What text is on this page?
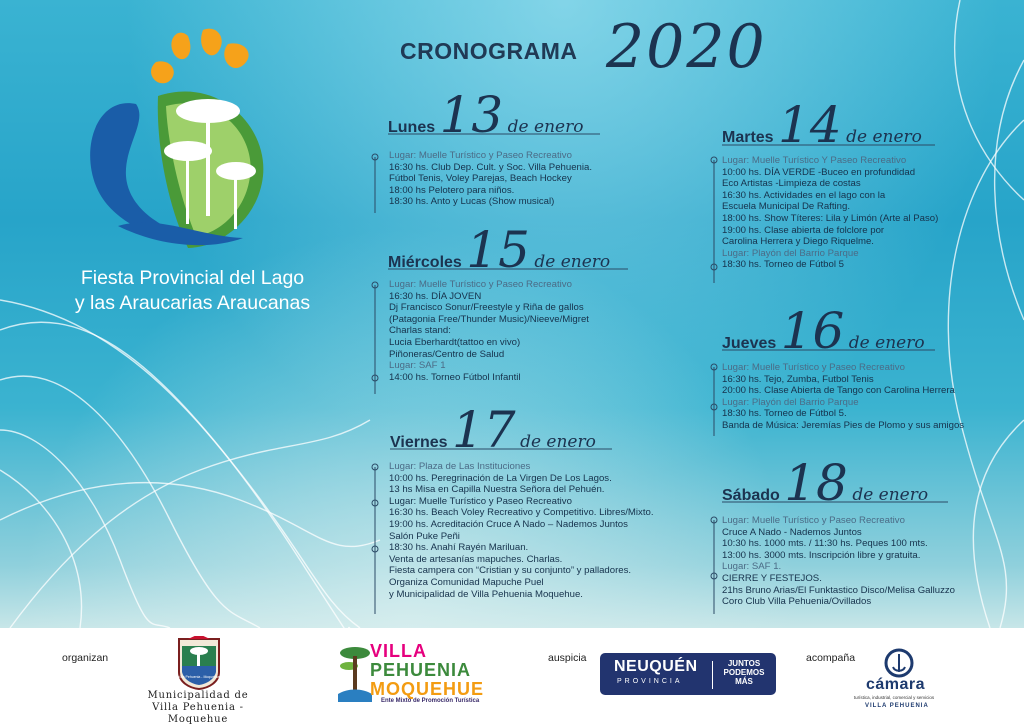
CRONOGRAMA 2020
Fiesta Provincial del Lago
y las Araucarias Araucanas
Lunes 13 de enero
Lugar: Muelle Turístico y Paseo Recreativo
16:30 hs. Club Dep. Cult. y Soc. Villa Pehuenia.
Fútbol Tenis, Voley Parejas, Beach Hockey
18:00 hs Pelotero para niños.
18:30 hs. Anto y Lucas (Show musical)
Miércoles 15 de enero
Lugar: Muelle Turístico y Paseo Recreativo
16:30 hs. DÍA JOVEN
Dj Francisco Sonur/Freestyle y Riña de gallos
(Patagonia Free/Thunder Music)/Nieeve/Migret
Charlas stand:
Lucia Eberhardt(tattoo en vivo)
Piñoneras/Centro de Salud
Lugar: SAF 1
14:00 hs. Torneo Fútbol Infantil
Viernes 17 de enero
Lugar: Plaza de Las Instituciones
10:00 hs. Peregrinación de La Virgen De Los Lagos.
13 hs Misa en Capilla Nuestra Señora del Pehuén.
Lugar: Muelle Turístico y Paseo Recreativo
16:30 hs. Beach Voley Recreativo y Competitivo. Libres/Mixto.
19:00 hs. Acreditación Cruce A Nado – Nademos Juntos
Salón Puke Peñi
18:30 hs. Anahí Rayén Mariluan.
Venta de artesanías mapuches. Charlas.
Fiesta campera con “Cristian y su conjunto” y palladores.
Organiza Comunidad Mapuche Puel
y Municipalidad de Villa Pehuenia Moquehue.
Martes 14 de enero
Lugar: Muelle Turístico Y Paseo Recreativo
10:00 hs. DÍA VERDE -Buceo en profundidad
Eco Artistas -Limpieza de costas
16:30 hs. Actividades en el lago con la
Escuela Municipal De Rafting.
18:00 hs. Show Títeres: Lila y Limón (Arte al Paso)
19:00 hs. Clase abierta de folclore por
Carolina Herrera y Diego Riquelme.
Lugar: Playón del Barrio Parque
18:30 hs. Torneo de Fútbol 5
Jueves 16 de enero
Lugar: Muelle Turístico y Paseo Recreativo
16:30 hs. Tejo, Zumba, Futbol Tenis
20:00 hs. Clase Abierta de Tango con Carolina Herrera
Lugar: Playón del Barrio Parque
18:30 hs. Torneo de Fútbol 5.
Banda de Música: Jeremías Pies de Plomo y sus amigos
Sábado 18 de enero
Lugar: Muelle Turístico y Paseo Recreativo
Cruce A Nado - Nademos Juntos
10:30 hs. 1000 mts. / 11:30 hs. Peques 100 mts.
13:00 hs. 3000 mts. Inscripción libre y gratuita.
Lugar: SAF 1.
CIERRE Y FESTEJOS.
21hs Bruno Arias/El Funktastico Disco/Melisa Galluzzo
Coro Club Villa Pehuenia/Ovillados
organizan
Villa Pehuenia - Moquehue
Municipalidad de
Villa Pehuenia - Moquehue
VILLA
PEHUENIA
MOQUEHUE
Ente Mixto de Promoción Turística
auspicia NEUQUÉN
PROVINCIA
JUNTOS PODEMOS MÁS
acompaña
cámara
turística, industrial, comercial y servicios
VILLA PEHUENIA
